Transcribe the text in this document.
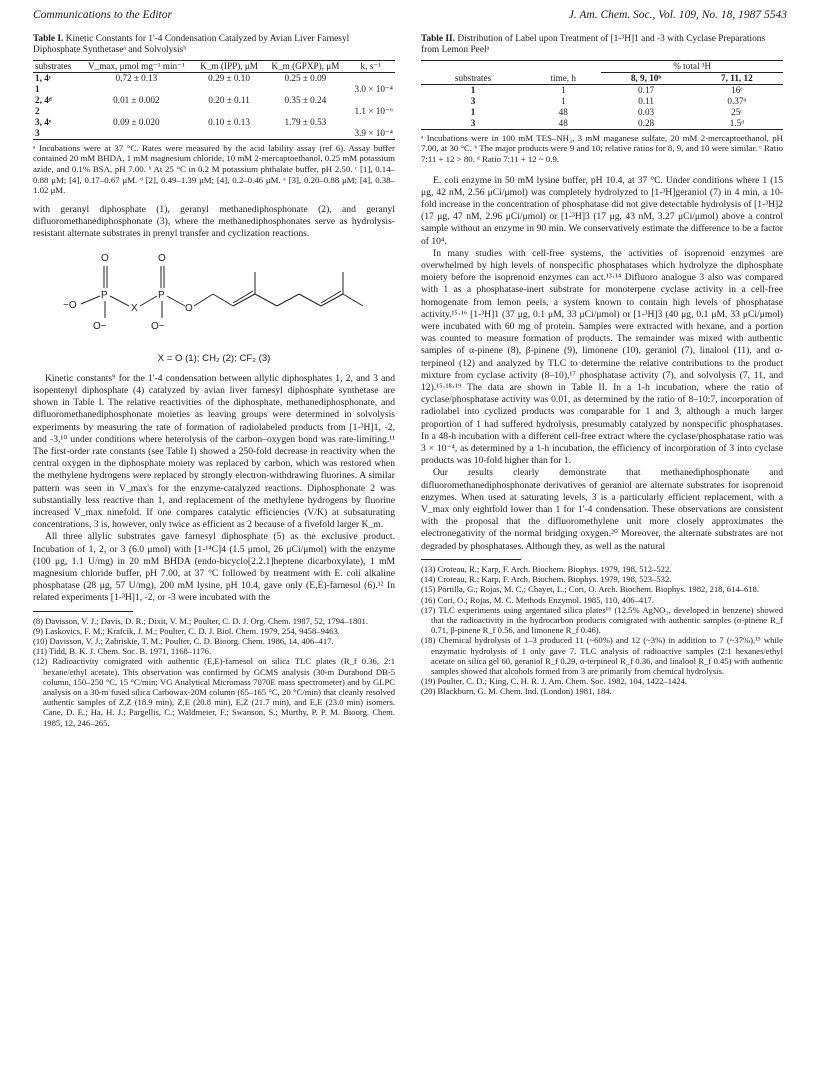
Communications to the Editor	J. Am. Chem. Soc., Vol. 109, No. 18, 1987 5543
Table I. Kinetic Constants for 1'-4 Condensation Catalyzed by Avian Liver Farnesyl Diphosphate Synthetaseᵃ and Solvolysisᵇ
substrates	V_max, μmol mg⁻¹ min⁻¹	K_m (IPP), μM	K_m (GPXP), μM	k, s⁻¹
1, 4ᶜ	0.72 ± 0.13	0.29 ± 0.10	0.25 ± 0.09	
1				3.0 × 10⁻⁴
2, 4ᵈ	0.01 ± 0.002	0.20 ± 0.11	0.35 ± 0.24	
2				1.1 × 10⁻⁶
3, 4ᵉ	0.09 ± 0.020	0.10 ± 0.13	1.79 ± 0.53	
3				3.9 × 10⁻⁴
ᵃ Incubations were at 37 °C. Rates were measured by the acid lability assay (ref 6). Assay buffer contained 20 mM BHDA, 1 mM magnesium chloride, 10 mM 2-mercaptoethanol, 0.25 mM potassium azide, and 0.1% BSA, pH 7.00. ᵇ At 25 °C in 0.2 M potassium phthalate buffer, pH 2.50. ᶜ [1], 0.14–0.88 μM; [4], 0.17–0.67 μM. ᵈ [2], 0.49–1.39 μM; [4], 0.2–0.46 μM. ᵉ [3], 0.20–0.88 μM; [4], 0.38–1.02 μM.

with geranyl diphosphate (1), geranyl methanediphosphonate (2), and geranyl difluoromethanediphosphonate (3), where the methanediphosphonates serve as hydrolysis-resistant alternate substrates in prenyl transfer and cyclization reactions.

P
O
−O
O−
X
P
O
O−
O
X = O (1); CH₂ (2); CF₂ (3)

Kinetic constants⁹ for the 1'-4 condensation between allylic diphosphates 1, 2, and 3 and isopentenyl diphosphate (4) catalyzed by avian liver farnesyl diphosphate synthetase are shown in Table I. The relative reactivities of the diphosphate, methanediphosphonate, and difluoromethanediphosphonate moieties as leaving groups were determined in solvolysis experiments by measuring the rate of formation of radiolabeled products from [1-³H]1, -2, and -3,¹⁰ under conditions where heterolysis of the carbon–oxygen bond was rate-limiting.¹¹ The first-order rate constants (see Table I) showed a 250-fold decrease in reactivity when the central oxygen in the diphosphate moiety was replaced by carbon, which was restored when the methylene hydrogens were replaced by strongly electron-withdrawing fluorines. A similar pattern was seen in V_max's for the enzyme-catalyzed reactions. Diphosphonate 2 was substantially less reactive than 1, and replacement of the methylene hydrogens by fluorine increased V_max ninefold. If one compares catalytic efficiencies (V/K) at subsaturating concentrations, 3 is, however, only twice as efficient as 2 because of a fivefold larger K_m.

All three allylic substrates gave farnesyl diphosphate (5) as the exclusive product. Incubation of 1, 2, or 3 (6.0 μmol) with [1-¹⁴C]4 (1.5 μmol, 26 μCi/μmol) with the enzyme (100 μg, 1.1 U/mg) in 20 mM BHDA (endo-bicyclo[2.2.1]heptene dicarboxylate), 1 mM magnesium chloride buffer, pH 7.00, at 37 °C followed by treatment with E. coli alkaline phosphatase (28 μg, 57 U/mg), 200 mM lysine, pH 10.4, gave only (E,E)-farnesol (6).¹² In related experiments [1-³H]1, -2, or -3 were incubated with the

(8) Davisson, V. J.; Davis, D. R.; Dixit, V. M.; Poulter, C. D. J. Org. Chem. 1987, 52, 1794–1801.
(9) Laskovics, F. M.; Krafcik, J. M.; Poulter, C. D. J. Biol. Chem. 1979, 254, 9458–9463.
(10) Davisson, V. J.; Zabriskie, T. M.; Poulter, C. D. Bioorg. Chem. 1986, 14, 406–417.
(11) Tidd, B. K. J. Chem. Soc. B. 1971, 1168–1176.
(12) Radioactivity comigrated with authentic (E,E)-farnesol on silica TLC plates (R_f 0.36, 2:1 hexane/ethyl acetate). This observation was confirmed by GCMS analysis (30-m Durabond DB-5 column, 150–250 °C, 15 °C/min; VG Analytical Micromass 7070E mass spectrometer) and by GLPC analysis on a 30-m fused silica Carbowax-20M column (65–165 °C, 20 °C/min) that cleanly resolved authentic samples of Z,Z (18.9 min), Z,E (20.8 min), E,Z (21.7 min), and E,E (23.0 min) isomers. Cane, D. E.; Ha, H. J.; Pargellis, C.; Waldmeier, F.; Swanson, S.; Murthy, P. P. M. Bioorg. Chem. 1985, 12, 246–265.
Table II. Distribution of Label upon Treatment of [1-³H]1 and -3 with Cyclase Preparations from Lemon Peelᵃ
		% total ³H	
substrates	time, h	8, 9, 10ᵇ	7, 11, 12
1	1	0.17	16ᶜ
3	1	0.11	0.37ᵈ
1	48	0.03	25ᶜ
3	48	0.28	1.5ᵈ
ᵃ Incubations were in 100 mM TES–NH₃, 3 mM maganese sulfate, 20 mM 2-mercaptoethanol, pH 7.00, at 30 °C. ᵇ The major products were 9 and 10; relative ratios for 8, 9, and 10 were similar. ᶜ Ratio 7:11 + 12 > 80. ᵈ Ratio 7:11 + 12 ~ 0.9.

E. coli enzyme in 50 mM lysine buffer, pH 10.4, at 37 °C. Under conditions where 1 (15 μg, 42 nM, 2.56 μCi/μmol) was completely hydrolyzed to [1-³H]geraniol (7) in 4 min, a 10-fold increase in the concentration of phosphatase did not give detectable hydrolysis of [1-³H]2 (17 μg, 47 nM, 2.96 μCi/μmol) or [1-³H]3 (17 μg, 43 nM, 3.27 μCi/μmol) above a control sample without an enzyme in 90 min. We conservatively estimate the difference to be a factor of 10⁴.

In many studies with cell-free systems, the activities of isoprenoid enzymes are overwhelmed by high levels of nonspecific phosphatases which hydrolyze the diphosphate moiety before the isoprenoid enzymes can act.¹³·¹⁴ Difluoro analogue 3 also was compared with 1 as a phosphatase-inert substrate for monoterpene cyclase activity in a cell-free homogenate from lemon peels, a system known to contain high levels of phosphatase activity.¹⁵·¹⁶ [1-³H]1 (37 μg, 0.1 μM, 33 μCi/μmol) or [1-³H]3 (40 μg, 0.1 μM, 33 μCi/μmol) were incubated with 60 mg of protein. Samples were extracted with hexane, and a portion was counted to measure formation of products. The remainder was mixed with authentic samples of α-pinene (8), β-pinene (9), limonene (10), geraniol (7), linalool (11), and α-terpineol (12) and analyzed by TLC to determine the relative contributions to the product mixture from cyclase activity (8–10),¹⁷ phosphatase activity (7), and solvolysis (7, 11, and 12).¹⁵·¹⁸·¹⁹ The data are shown in Table II. In a 1-h incubation, where the ratio of cyclase/phosphatase activity was 0.01, as determined by the ratio of 8–10:7, incorporation of radiolabel into cyclized products was comparable for 1 and 3, although a much larger proportion of 1 had suffered hydrolysis, presumably catalyzed by nonspecific phosphatases. In a 48-h incubation with a different cell-free extract where the cyclase/phosphatase ratio was 3 × 10⁻⁴, as determined by a 1-h incubation, the efficiency of incorporation of 3 into cyclase products was 10-fold higher than for 1.

Our results clearly demonstrate that methanediphosphonate and difluoromethanediphosphonate derivatives of geraniol are alternate substrates for isoprenoid enzymes. When used at saturating levels, 3 is a particularly efficient replacement, with a V_max only eightfold lower than 1 for 1'-4 condensation. These observations are consistent with the proposal that the difluoromethylene unit more closely approximates the electronegativity of the normal bridging oxygen.²⁰ Moreover, the alternate substrates are not degraded by phosphatases. Although they, as well as the natural

(13) Croteau, R.; Karp, F. Arch. Biochem. Biophys. 1979, 198, 512–522.
(14) Croteau, R.; Karp, F. Arch. Biochem. Biophys. 1979, 198, 523–532.
(15) Portilla, G.; Rojas, M. C.; Chayet, L.; Cori, O. Arch. Biochem. Biophys. 1982, 218, 614–618.
(16) Cori, O.; Rojas, M. C. Methods Enzymol. 1985, 110, 406–417.
(17) TLC experiments using argentated silica plates¹⁶ (12.5% AgNO₃, developed in benzene) showed that the radioactivity in the hydrocarbon products comigrated with authentic samples (α-pinene R_f 0.71, β-pinene R_f 0.56, and limonene R_f 0.46).
(18) Chemical hydrolysis of 1–3 produced 11 (~60%) and 12 (~3%) in addition to 7 (~37%),¹⁵ while enzymatic hydrolysis of 1 only gave 7. TLC analysis of radioactive samples (2:1 hexanes/ethyl acetate on silica gel 60, geraniol R_f 0.29, α-terpineol R_f 0.36, and linalool R_f 0.45) with authentic samples showed that alcohols formed from 3 are primarily from chemical hydrolysis.
(19) Poulter, C. D.; King, C. H. R. J. Am. Chem. Soc. 1982, 104, 1422–1424.
(20) Blackburn, G. M. Chem. Ind. (London) 1981, 184.
